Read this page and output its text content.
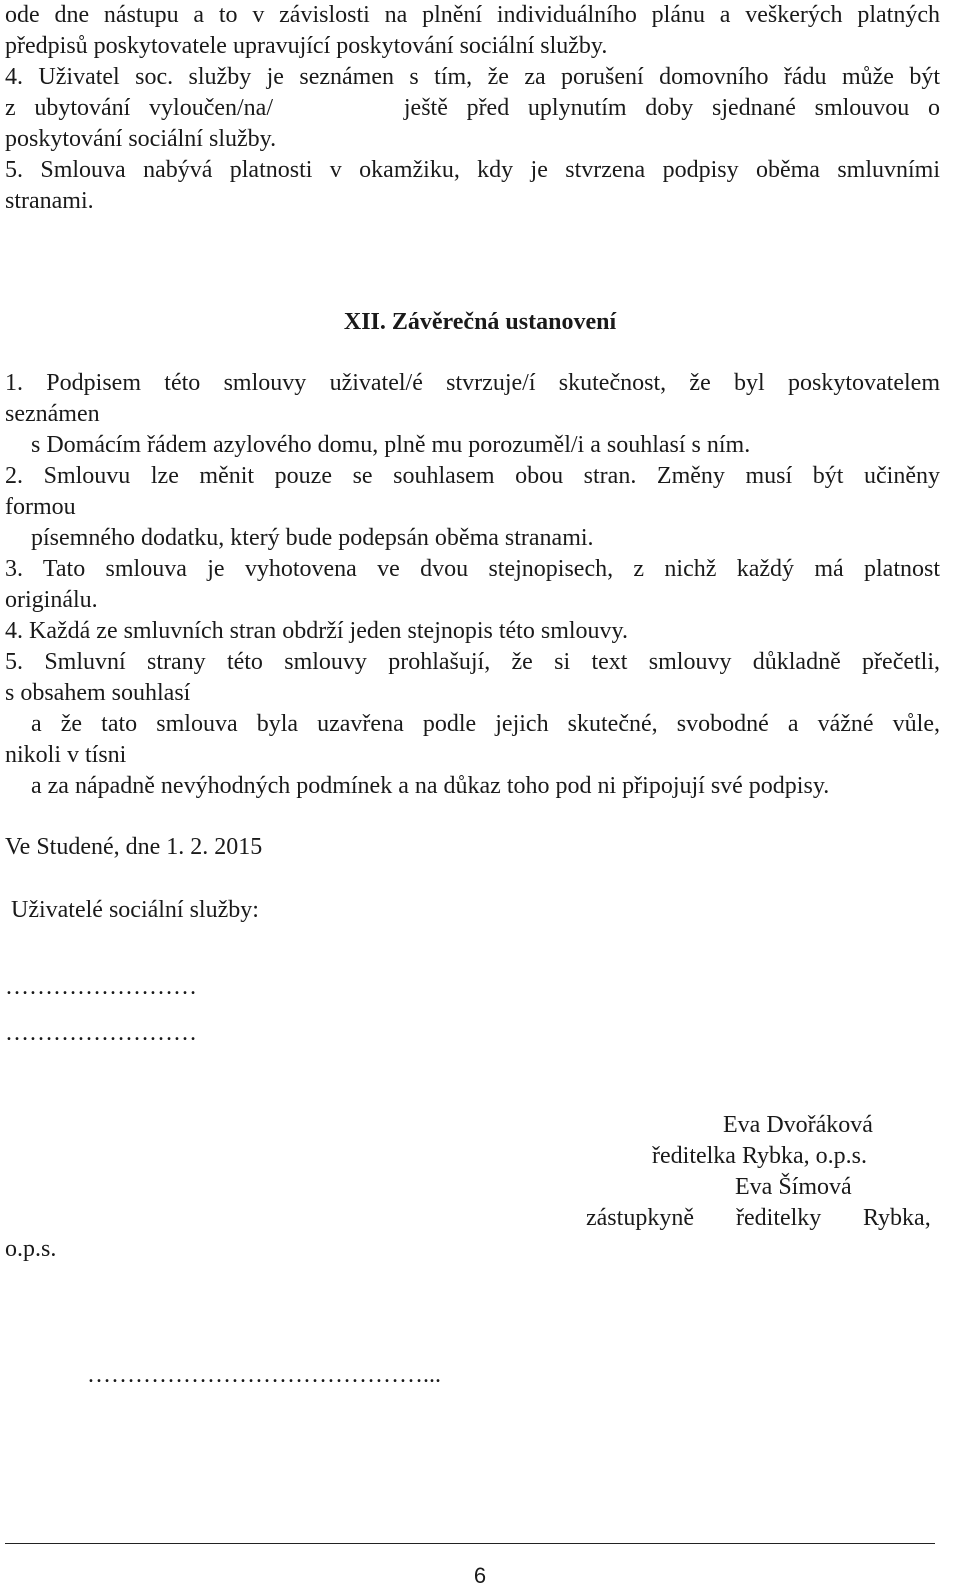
ode dne nástupu a to v závislosti na plnění individuálního plánu a veškerých platných

předpisů poskytovatele upravující poskytování sociální služby.

4. Uživatel soc. služby je seznámen s tím, že za porušení domovního řádu může být

z ubytování vyloučen/na/	ještě před uplynutím doby sjednané smlouvou o

poskytování sociální služby.

5. Smlouva nabývá platnosti v okamžiku, kdy je stvrzena podpisy oběma smluvními

stranami.

XII. Závěrečná ustanovení

1. Podpisem této smlouvy uživatel/é stvrzuje/í skutečnost, že byl poskytovatelem

seznámen

s Domácím řádem azylového domu, plně mu porozuměl/i a souhlasí s ním.

2. Smlouvu lze měnit pouze se souhlasem obou stran. Změny musí být učiněny

formou

písemného dodatku, který bude podepsán oběma stranami.

3. Tato smlouva je vyhotovena ve dvou stejnopisech, z nichž každý má platnost

originálu.

4. Každá ze smluvních stran obdrží jeden stejnopis této smlouvy.

5. Smluvní strany této smlouvy prohlašují, že si text smlouvy důkladně přečetli,

s obsahem souhlasí

a že tato smlouva byla uzavřena podle jejich skutečné, svobodné a vážné vůle,

nikoli v tísni

a za nápadně nevýhodných podmínek a na důkaz toho pod ni připojují své podpisy.

Ve Studené, dne 1. 2. 2015
Uživatelé sociální služby:
……………………
……………………
Eva Dvořáková
ředitelka Rybka, o.p.s.
Eva Šímová
zástupkyně ředitelky Rybka,
o.p.s.
……………………………………...
6
